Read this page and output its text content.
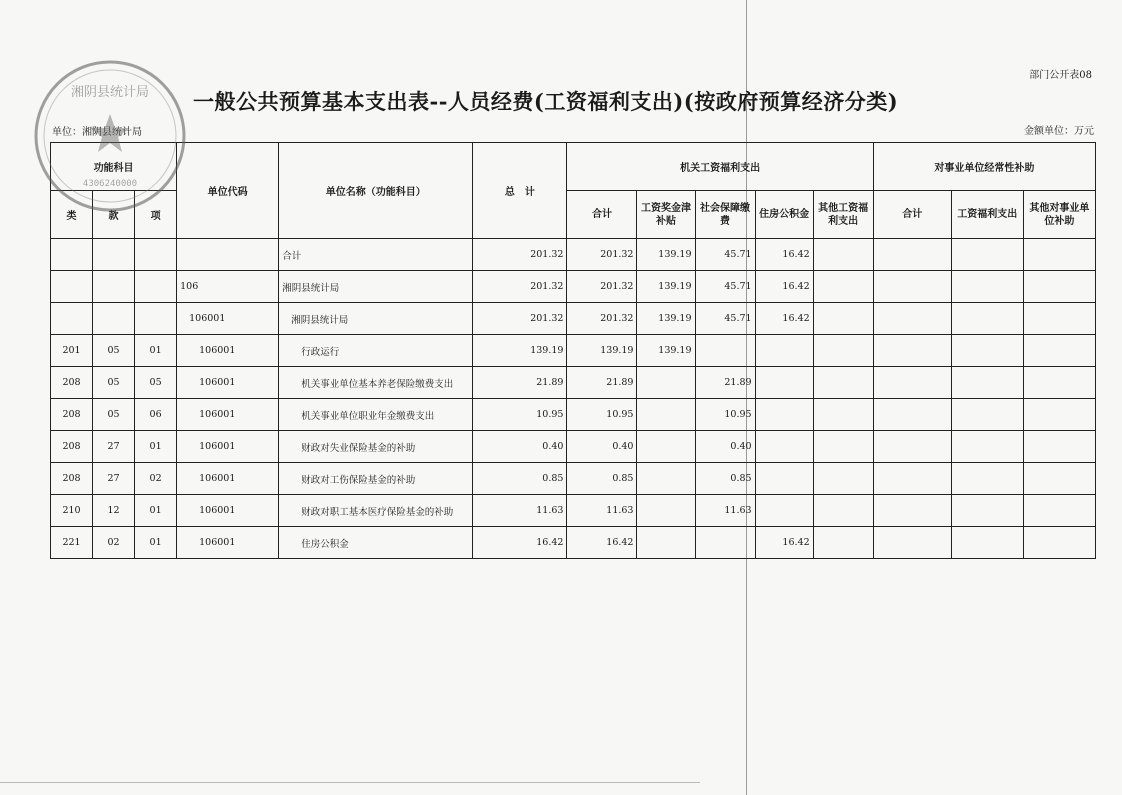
部门公开表08
一般公共预算基本支出表--人员经费(工资福利支出)(按政府预算经济分类)
单位：湘阴县统计局	金额单位：万元
功能科目			单位代码	单位名称（功能科目）	总　计	机关工资福利支出					对事业单位经常性补助		
类	款	项				合计	工资奖金津补贴	社会保障缴费	住房公积金	其他工资福利支出	合计	工资福利支出	其他对事业单位补助
				合计	201.32	201.32	139.19	45.71	16.42				
			106	湘阴县统计局	201.32	201.32	139.19	45.71	16.42				
			106001	湘阴县统计局	201.32	201.32	139.19	45.71	16.42				
201	05	01	106001	行政运行	139.19	139.19	139.19						
208	05	05	106001	机关事业单位基本养老保险缴费支出	21.89	21.89		21.89					
208	05	06	106001	机关事业单位职业年金缴费支出	10.95	10.95		10.95					
208	27	01	106001	财政对失业保险基金的补助	0.40	0.40		0.40					
208	27	02	106001	财政对工伤保险基金的补助	0.85	0.85		0.85					
210	12	01	106001	财政对职工基本医疗保险基金的补助	11.63	11.63		11.63					
221	02	01	106001	住房公积金	16.42	16.42			16.42				
湘阴县统计局
4306240000
